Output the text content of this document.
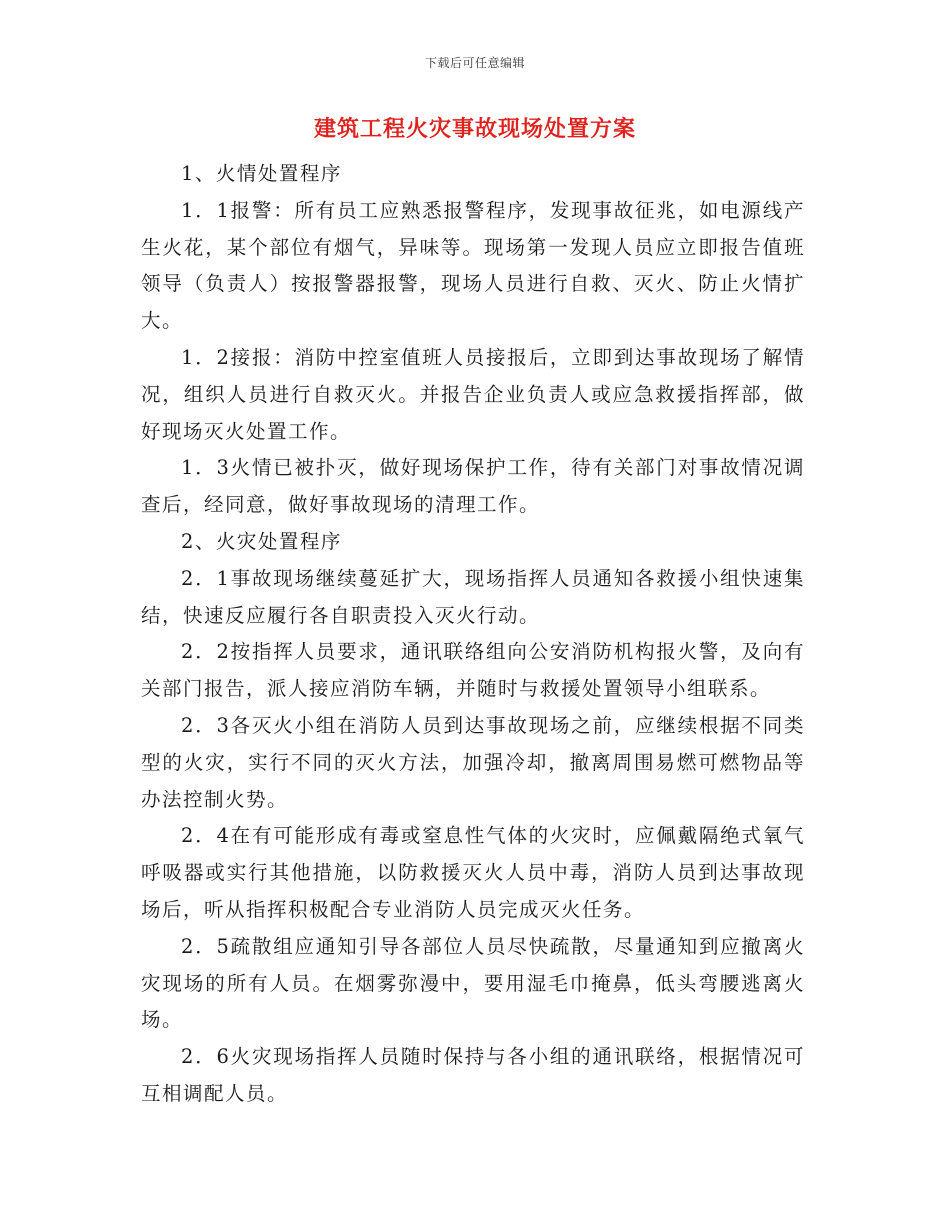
下载后可任意编辑
建筑工程火灾事故现场处置方案

1、火情处置程序

1．1报警：所有员工应熟悉报警程序，发现事故征兆，如电源线产生火花，某个部位有烟气，异味等。现场第一发现人员应立即报告值班领导（负责人）按报警器报警，现场人员进行自救、灭火、防止火情扩大。

1．2接报：消防中控室值班人员接报后，立即到达事故现场了解情况，组织人员进行自救灭火。并报告企业负责人或应急救援指挥部，做好现场灭火处置工作。

1．3火情已被扑灭，做好现场保护工作，待有关部门对事故情况调查后，经同意，做好事故现场的清理工作。

2、火灾处置程序

2．1事故现场继续蔓延扩大，现场指挥人员通知各救援小组快速集结，快速反应履行各自职责投入灭火行动。

2．2按指挥人员要求，通讯联络组向公安消防机构报火警，及向有关部门报告，派人接应消防车辆，并随时与救援处置领导小组联系。

2．3各灭火小组在消防人员到达事故现场之前，应继续根据不同类型的火灾，实行不同的灭火方法，加强冷却，撤离周围易燃可燃物品等办法控制火势。

2．4在有可能形成有毒或窒息性气体的火灾时，应佩戴隔绝式氧气呼吸器或实行其他措施，以防救援灭火人员中毒，消防人员到达事故现场后，听从指挥积极配合专业消防人员完成灭火任务。

2．5疏散组应通知引导各部位人员尽快疏散，尽量通知到应撤离火灾现场的所有人员。在烟雾弥漫中，要用湿毛巾掩鼻，低头弯腰逃离火场。

2．6火灾现场指挥人员随时保持与各小组的通讯联络，根据情况可互相调配人员。
